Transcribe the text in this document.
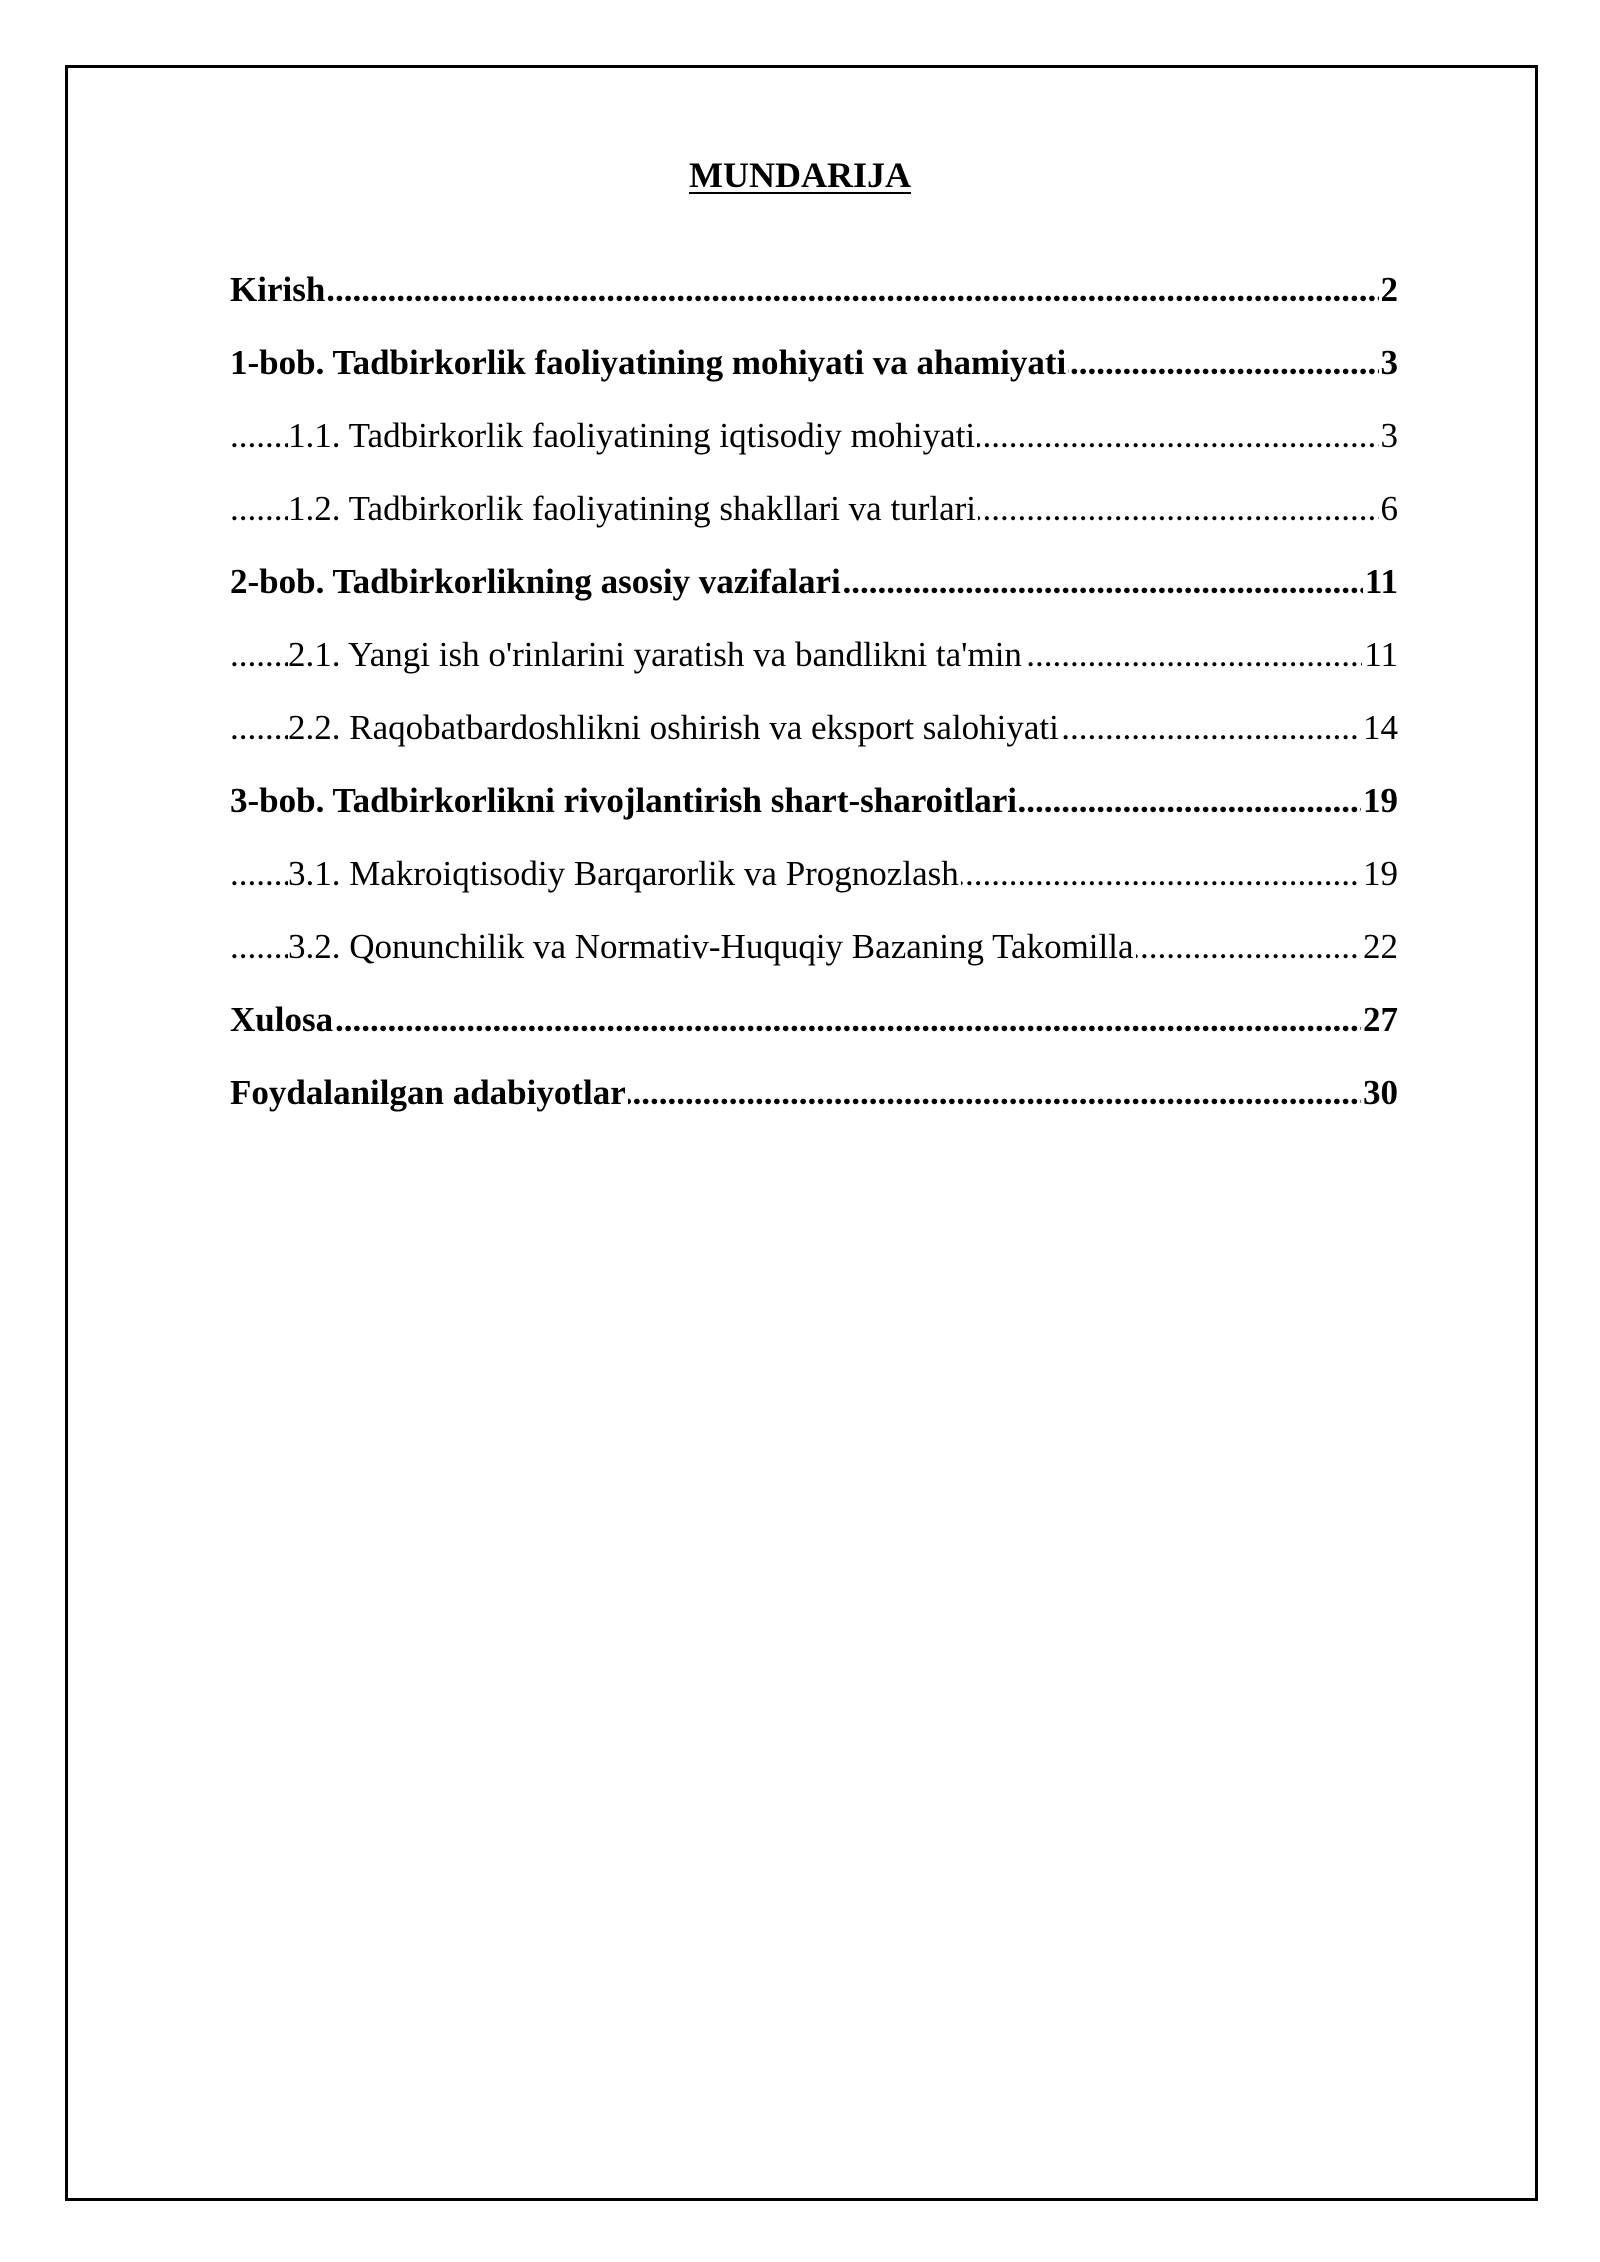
MUNDARIJA
.....
Kirish	2
.....
1-bob. Tadbirkorlik faoliyatining mohiyati va ahamiyati	3
.....
1.1. Tadbirkorlik faoliyatining iqtisodiy mohiyati	3
.....
1.2. Tadbirkorlik faoliyatining shakllari va turlari	6
.....
2-bob. Tadbirkorlikning asosiy vazifalari	11
.....
2.1. Yangi ish o'rinlarini yaratish va bandlikni ta'min	11
.....
2.2. Raqobatbardoshlikni oshirish va eksport salohiyati	14
.....
3-bob. Tadbirkorlikni rivojlantirish shart-sharoitlari	19
.....
3.1. Makroiqtisodiy Barqarorlik va Prognozlash	19
.....
3.2. Qonunchilik va Normativ-Huquqiy Bazaning Takomilla	22
.....
Xulosa	27
.....
Foydalanilgan adabiyotlar	30
